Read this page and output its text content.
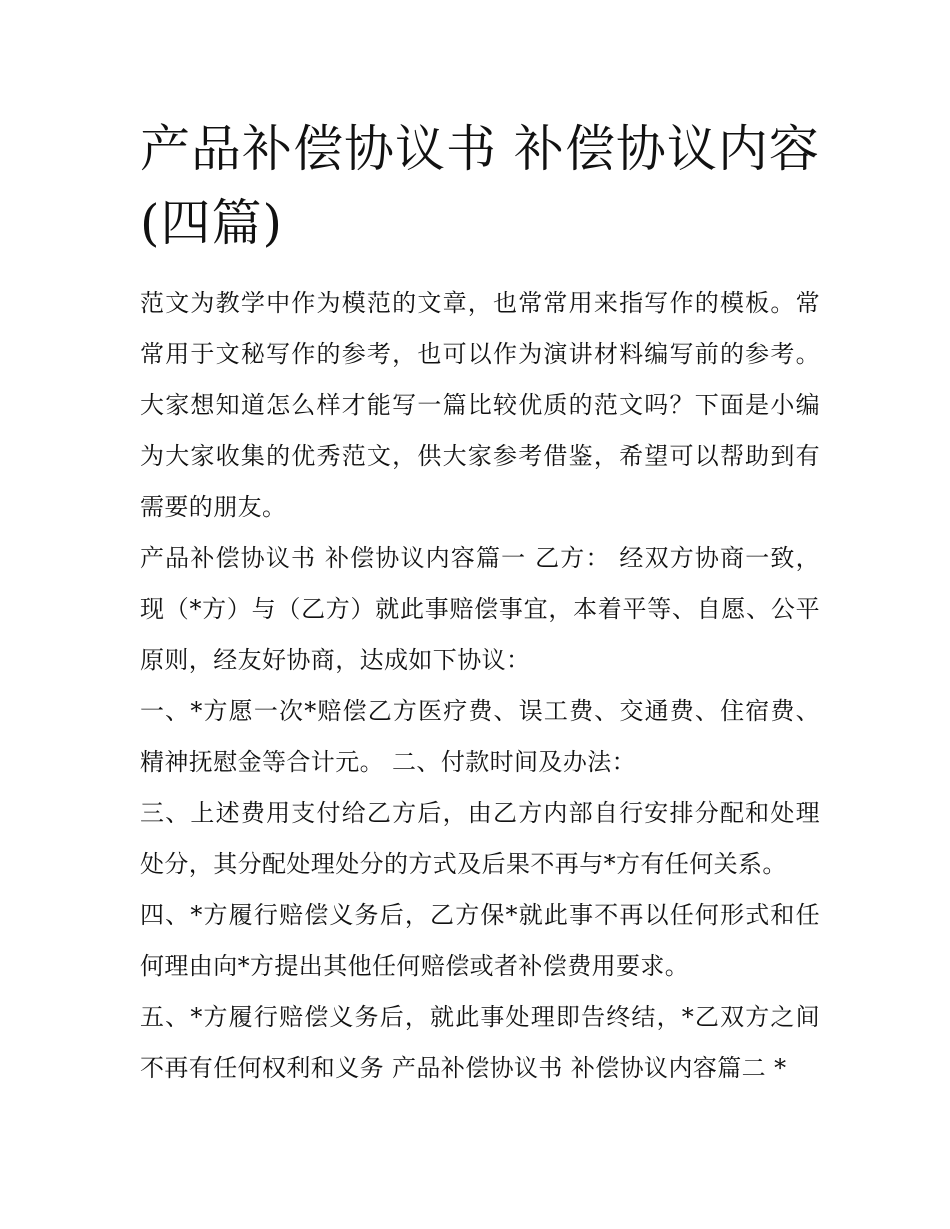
产品补偿协议书 补偿协议内容(四篇)

范文为教学中作为模范的文章，也常常用来指写作的模板。常常用于文秘写作的参考，也可以作为演讲材料编写前的参考。大家想知道怎么样才能写一篇比较优质的范文吗？下面是小编为大家收集的优秀范文，供大家参考借鉴，希望可以帮助到有需要的朋友。

产品补偿协议书 补偿协议内容篇一 乙方： 经双方协商一致，现（*方）与（乙方）就此事赔偿事宜，本着平等、自愿、公平原则，经友好协商，达成如下协议：

一、*方愿一次*赔偿乙方医疗费、误工费、交通费、住宿费、精神抚慰金等合计元。 二、付款时间及办法：

三、上述费用支付给乙方后，由乙方内部自行安排分配和处理处分，其分配处理处分的方式及后果不再与*方有任何关系。

四、*方履行赔偿义务后，乙方保*就此事不再以任何形式和任何理由向*方提出其他任何赔偿或者补偿费用要求。

五、*方履行赔偿义务后，就此事处理即告终结，*乙双方之间不再有任何权利和义务 产品补偿协议书 补偿协议内容篇二 *
